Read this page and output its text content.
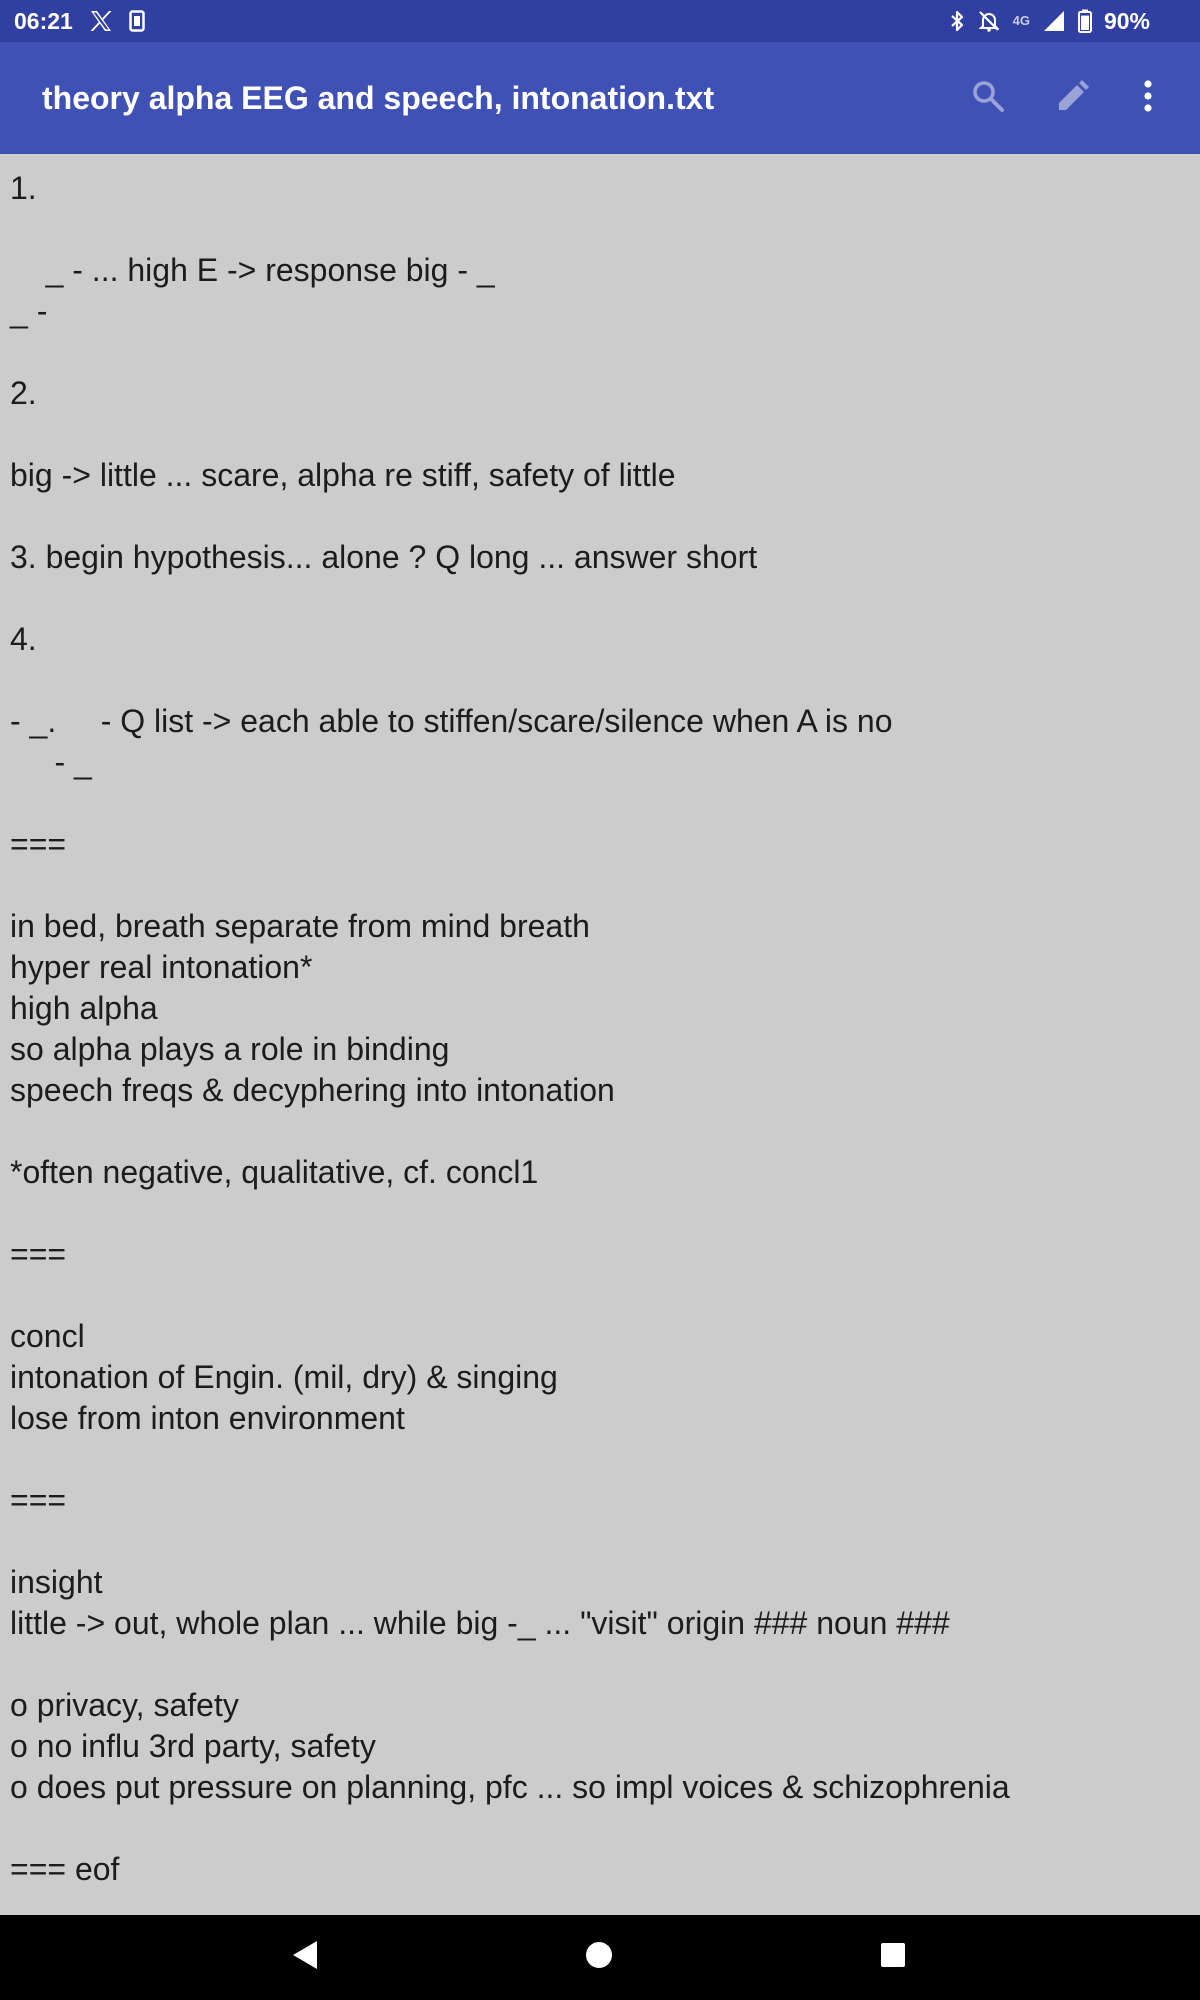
06:21	4G	90%
theory alpha EEG and speech, intonation.txt
1.

_ - ... high E -> response big - _
_ -

2.

big -> little ... scare, alpha re stiff, safety of little

3. begin hypothesis... alone ? Q long ... answer short

4.

- _.     - Q list -> each able to stiffen/scare/silence when A is no
- _

===

in bed, breath separate from mind breath
hyper real intonation*
high alpha
so alpha plays a role in binding
speech freqs & decyphering into intonation

*often negative, qualitative, cf. concl1

===

concl
intonation of Engin. (mil, dry) & singing
lose from inton environment

===

insight
little -> out, whole plan ... while big -_ ... "visit" origin ### noun ###

o privacy, safety
o no influ 3rd party, safety
o does put pressure on planning, pfc ... so impl voices & schizophrenia

=== eof
